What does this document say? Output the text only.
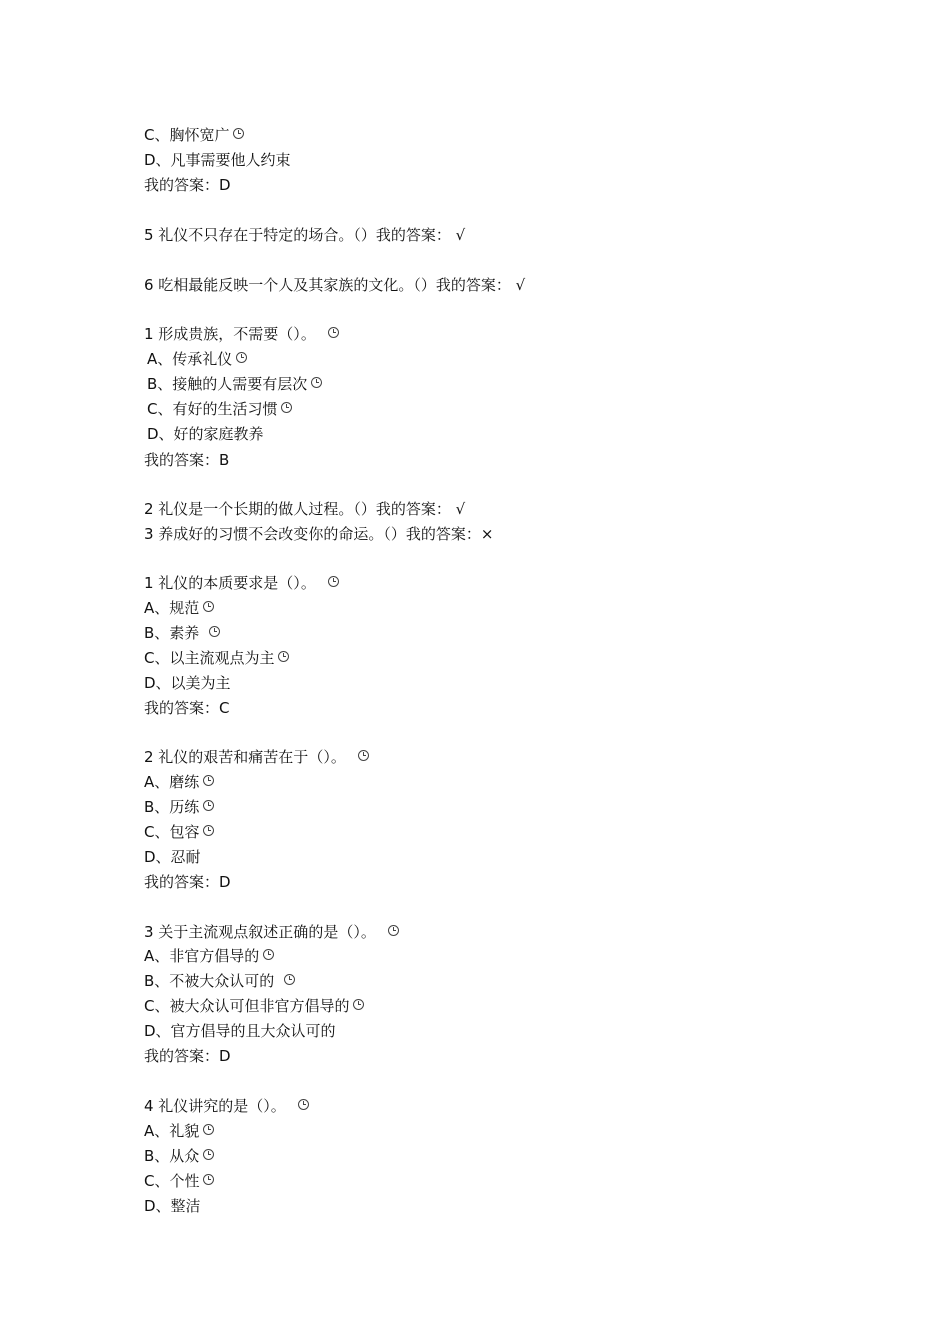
C、胸怀宽广
D、凡事需要他人约束
我的答案：D
5 礼仪不只存在于特定的场合。（）我的答案： √
6 吃相最能反映一个人及其家族的文化。（）我的答案： √
1 形成贵族，不需要（）。
A、传承礼仪
B、接触的人需要有层次
C、有好的生活习惯
D、好的家庭教养
我的答案：B
2 礼仪是一个长期的做人过程。（）我的答案： √
3 养成好的习惯不会改变你的命运。（）我的答案：×
1 礼仪的本质要求是（）。
A、规范
B、素养
C、以主流观点为主
D、以美为主
我的答案：C
2 礼仪的艰苦和痛苦在于（）。
A、磨练
B、历练
C、包容
D、忍耐
我的答案：D
3 关于主流观点叙述正确的是（）。
A、非官方倡导的
B、不被大众认可的
C、被大众认可但非官方倡导的
D、官方倡导的且大众认可的
我的答案：D
4 礼仪讲究的是（）。
A、礼貌
B、从众
C、个性
D、整洁
